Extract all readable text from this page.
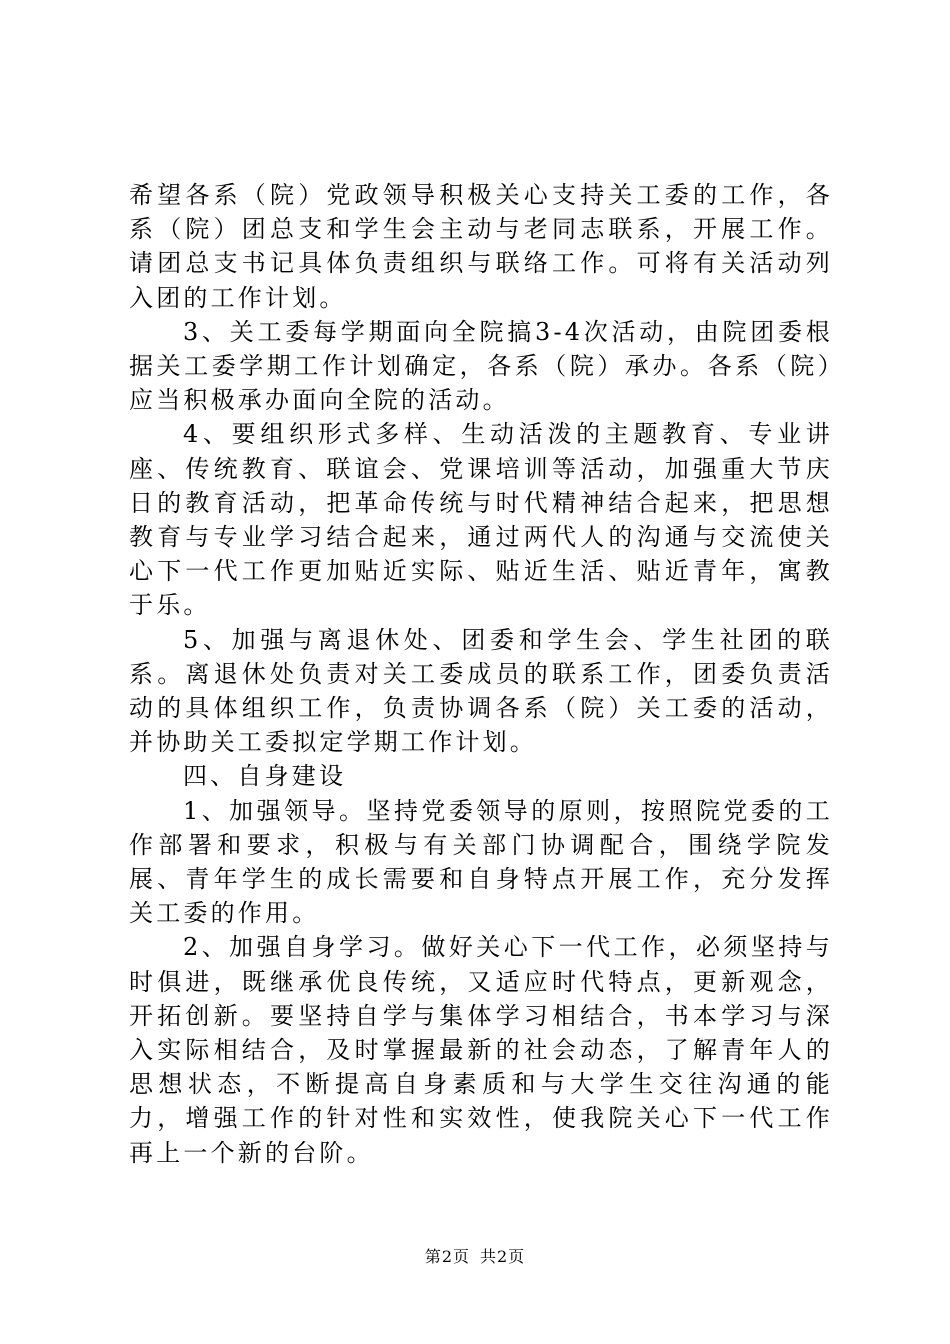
希望各系（院）党政领导积极关心支持关工委的工作，各系（院）团总支和学生会主动与老同志联系，开展工作。请团总支书记具体负责组织与联络工作。可将有关活动列入团的工作计划。

3、关工委每学期面向全院搞3-4次活动，由院团委根据关工委学期工作计划确定，各系（院）承办。各系（院）应当积极承办面向全院的活动。

4、要组织形式多样、生动活泼的主题教育、专业讲座、传统教育、联谊会、党课培训等活动，加强重大节庆日的教育活动，把革命传统与时代精神结合起来，把思想教育与专业学习结合起来，通过两代人的沟通与交流使关心下一代工作更加贴近实际、贴近生活、贴近青年，寓教于乐。

5、加强与离退休处、团委和学生会、学生社团的联系。离退休处负责对关工委成员的联系工作，团委负责活动的具体组织工作，负责协调各系（院）关工委的活动，并协助关工委拟定学期工作计划。

四、自身建设

1、加强领导。坚持党委领导的原则，按照院党委的工作部署和要求，积极与有关部门协调配合，围绕学院发展、青年学生的成长需要和自身特点开展工作，充分发挥关工委的作用。

2、加强自身学习。做好关心下一代工作，必须坚持与时俱进，既继承优良传统，又适应时代特点，更新观念，开拓创新。要坚持自学与集体学习相结合，书本学习与深入实际相结合，及时掌握最新的社会动态，了解青年人的思想状态，不断提高自身素质和与大学生交往沟通的能力，增强工作的针对性和实效性，使我院关心下一代工作再上一个新的台阶。

第2页 共2页
